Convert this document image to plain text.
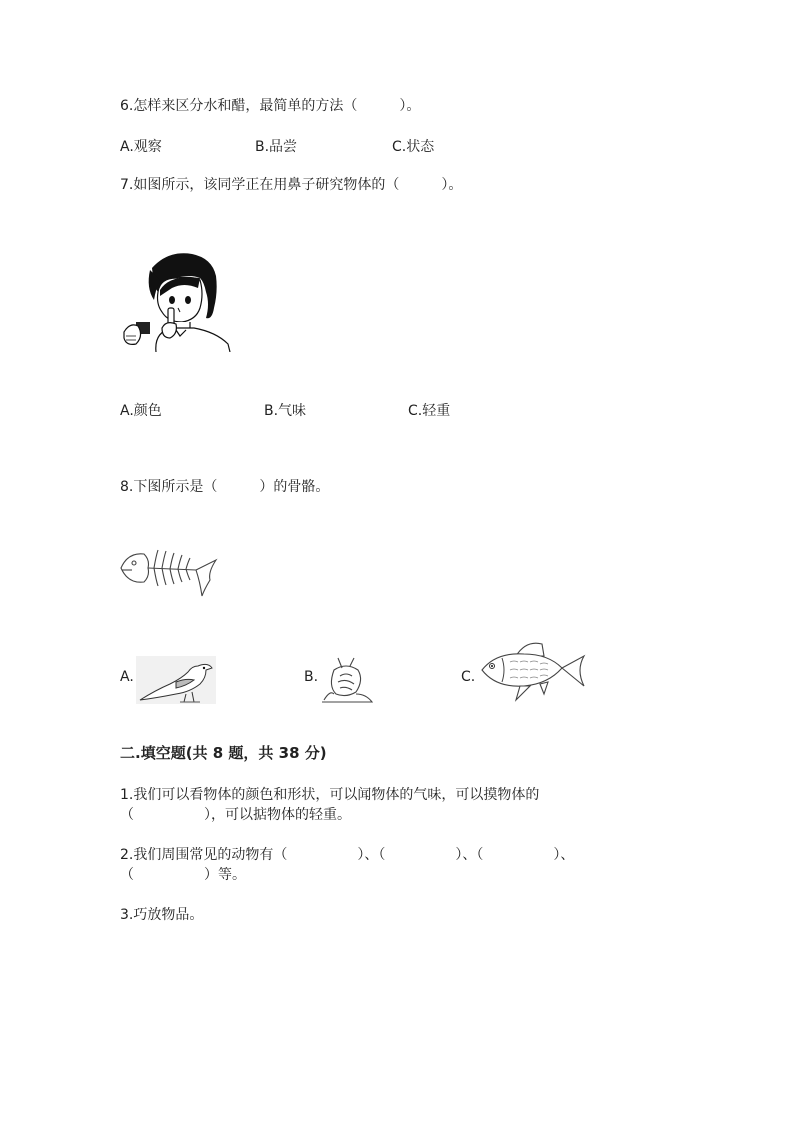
6.怎样来区分水和醋，最简单的方法（　　　）。
A.观察	B.品尝	C.状态
7.如图所示，该同学正在用鼻子研究物体的（　　　）。
A.颜色	B.气味	C.轻重
8.下图所示是（　　　）的骨骼。
A.	B.	C.
二.填空题(共 8 题，共 38 分)
1.我们可以看物体的颜色和形状，可以闻物体的气味，可以摸物体的
（　　　　　），可以掂物体的轻重。
2.我们周围常见的动物有（　　　　　）、（　　　　　）、（　　　　　）、
（　　　　　）等。
3.巧放物品。
